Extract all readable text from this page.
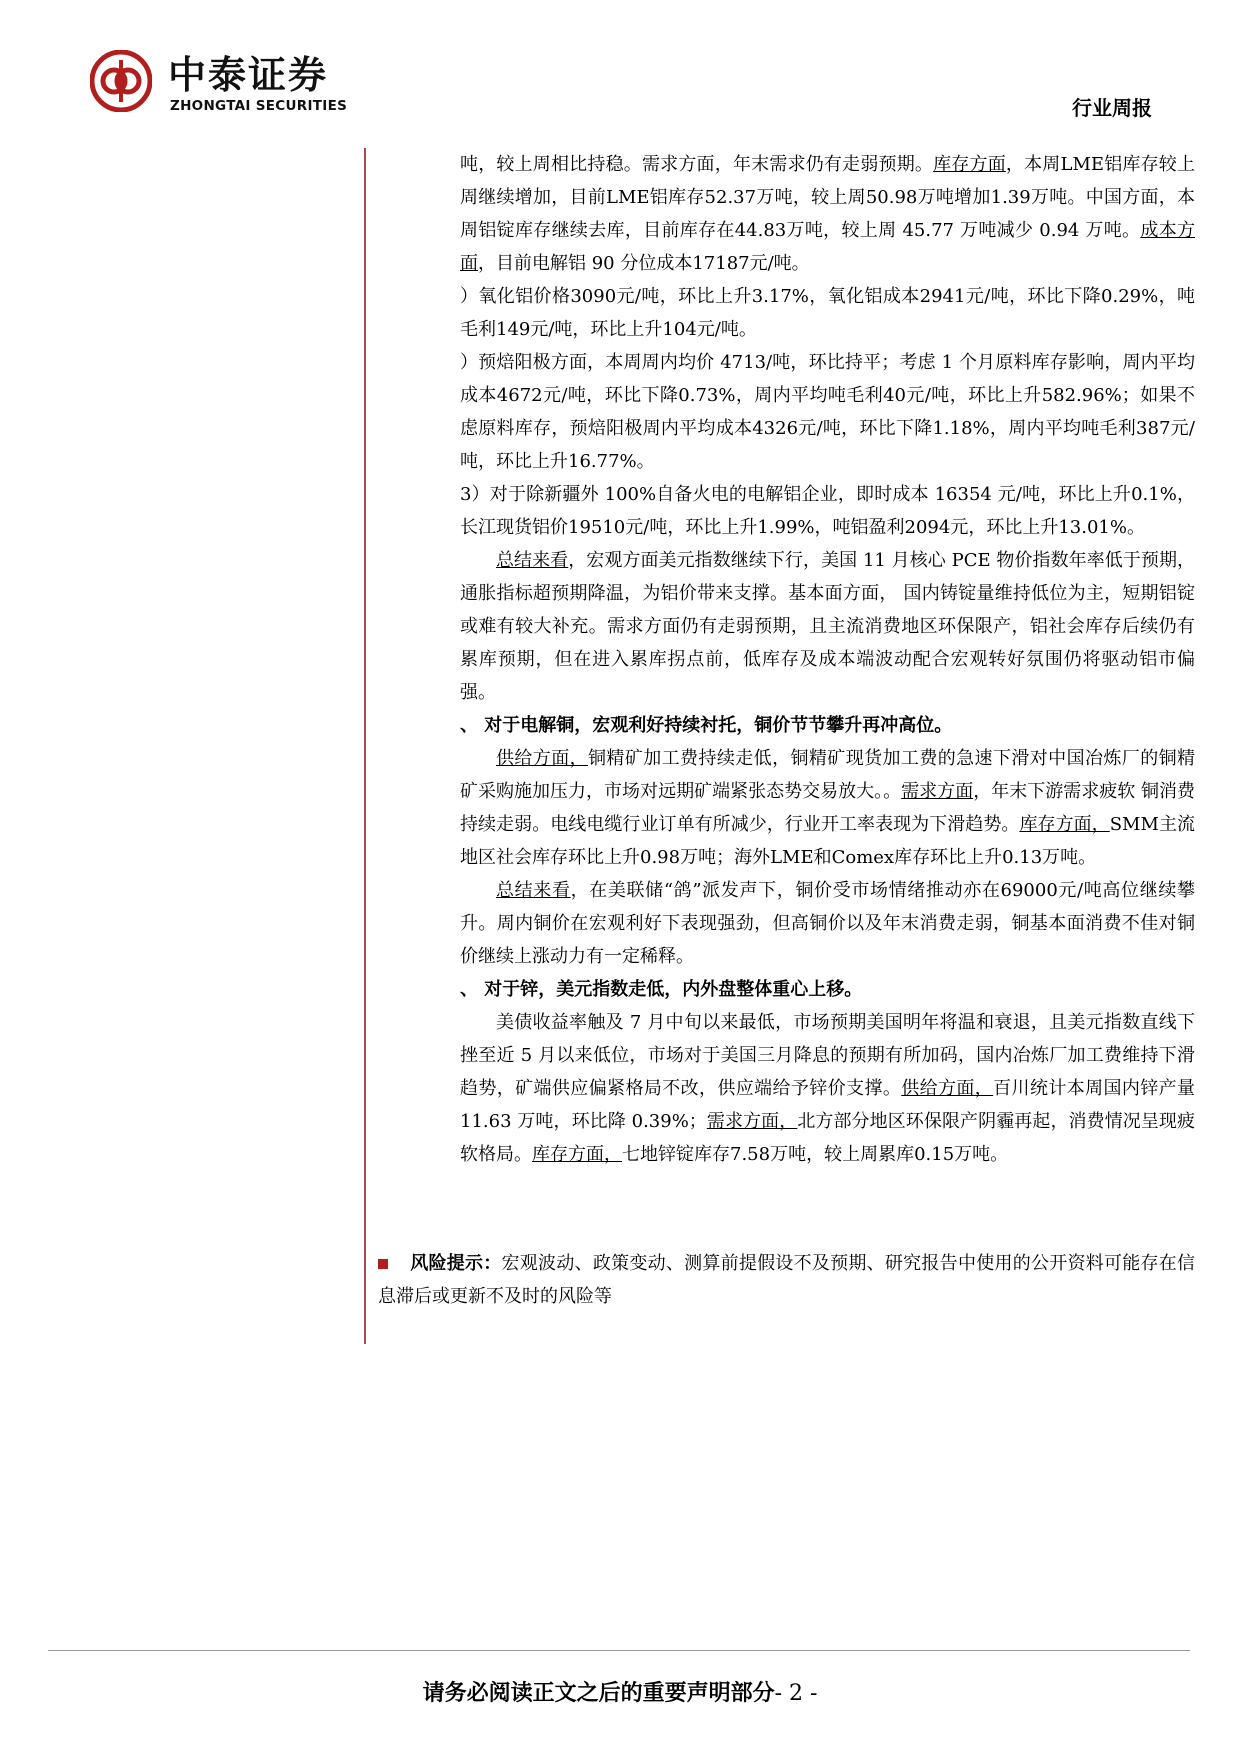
中泰证券
ZHONGTAI SECURITIES	行业周报

吨，较上周相比持稳。需求方面，年末需求仍有走弱预期。库存方面，本周LME铝库存较上周继续增加，目前LME铝库存52.37万吨，较上周50.98万吨增加1.39万吨。中国方面，本周铝锭库存继续去库，目前库存在44.83万吨，较上周 45.77 万吨减少 0.94 万吨。成本方面，目前电解铝 90 分位成本17187元/吨。

）氧化铝价格3090元/吨，环比上升3.17%，氧化铝成本2941元/吨，环比下降0.29%，吨毛利149元/吨，环比上升104元/吨。

）预焙阳极方面，本周周内均价 4713/吨，环比持平；考虑 1 个月原料库存影响，周内平均成本4672元/吨，环比下降0.73%，周内平均吨毛利40元/吨，环比上升582.96%；如果不虑原料库存，预焙阳极周内平均成本4326元/吨，环比下降1.18%，周内平均吨毛利387元/吨，环比上升16.77%。

3）对于除新疆外 100%自备火电的电解铝企业，即时成本 16354 元/吨，环比上升0.1%，长江现货铝价19510元/吨，环比上升1.99%，吨铝盈利2094元，环比上升13.01%。

总结来看，宏观方面美元指数继续下行，美国 11 月核心 PCE 物价指数年率低于预期，通胀指标超预期降温，为铝价带来支撑。基本面方面， 国内铸锭量维持低位为主，短期铝锭或难有较大补充。需求方面仍有走弱预期，且主流消费地区环保限产，铝社会库存后续仍有累库预期，但在进入累库拐点前，低库存及成本端波动配合宏观转好氛围仍将驱动铝市偏强。

、 对于电解铜，宏观利好持续衬托，铜价节节攀升再冲高位。

供给方面，铜精矿加工费持续走低，铜精矿现货加工费的急速下滑对中国冶炼厂的铜精矿采购施加压力，市场对远期矿端紧张态势交易放大。。需求方面，年末下游需求疲软 铜消费持续走弱。电线电缆行业订单有所减少，行业开工率表现为下滑趋势。库存方面，SMM主流地区社会库存环比上升0.98万吨；海外LME和Comex库存环比上升0.13万吨。

总结来看，在美联储“鸽”派发声下，铜价受市场情绪推动亦在69000元/吨高位继续攀升。周内铜价在宏观利好下表现强劲，但高铜价以及年末消费走弱，铜基本面消费不佳对铜价继续上涨动力有一定稀释。

、 对于锌，美元指数走低，内外盘整体重心上移。

美债收益率触及 7 月中旬以来最低，市场预期美国明年将温和衰退，且美元指数直线下挫至近 5 月以来低位，市场对于美国三月降息的预期有所加码，国内冶炼厂加工费维持下滑趋势，矿端供应偏紧格局不改，供应端给予锌价支撑。供给方面，百川统计本周国内锌产量 11.63 万吨，环比降 0.39%；需求方面，北方部分地区环保限产阴霾再起，消费情况呈现疲软格局。库存方面，七地锌锭库存7.58万吨，较上周累库0.15万吨。

风险提示：宏观波动、政策变动、测算前提假设不及预期、研究报告中使用的公开资料可能存在信息滞后或更新不及时的风险等
请务必阅读正文之后的重要声明部分- 2 -
